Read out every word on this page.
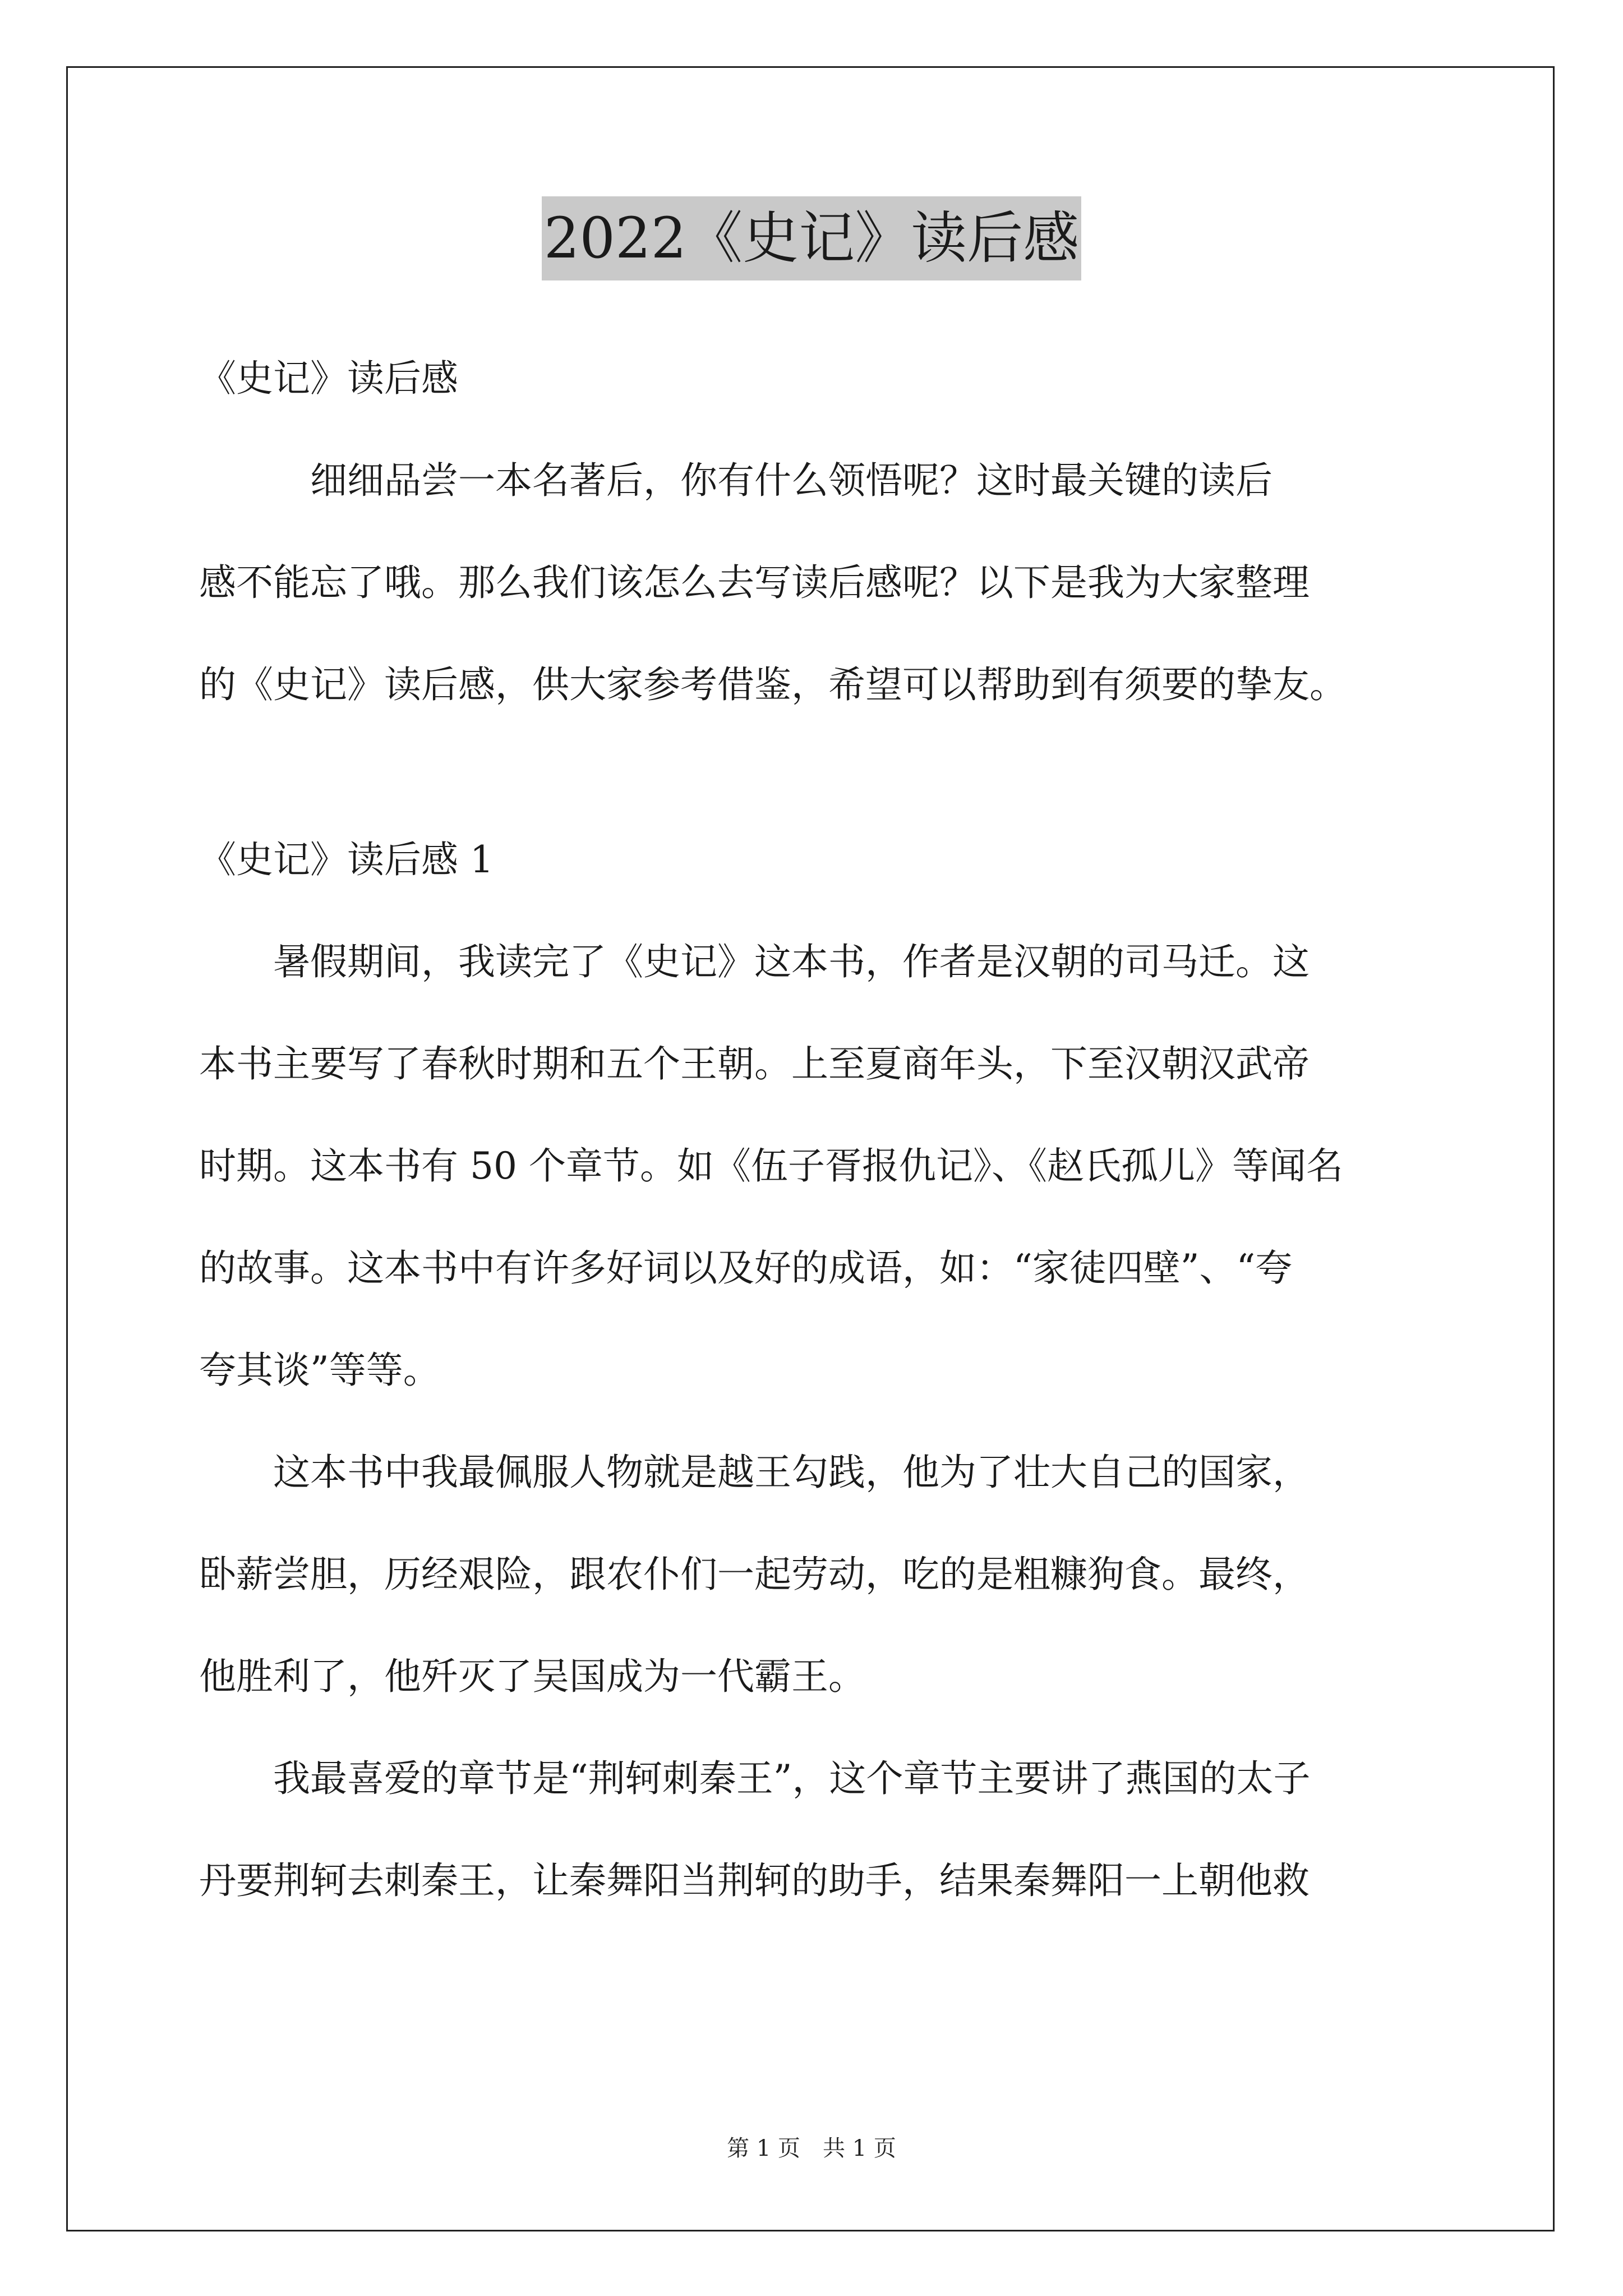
2022《史记》读后感
《史记》读后感
　　　细细品尝一本名著后，你有什么领悟呢？这时最关键的读后
感不能忘了哦。那么我们该怎么去写读后感呢？以下是我为大家整理
的《史记》读后感，供大家参考借鉴，希望可以帮助到有须要的挚友。
《史记》读后感 1
　　暑假期间，我读完了《史记》这本书，作者是汉朝的司马迁。这
本书主要写了春秋时期和五个王朝。上至夏商年头，下至汉朝汉武帝
时期。这本书有 50 个章节。如《伍子胥报仇记》、《赵氏孤儿》等闻名
的故事。这本书中有许多好词以及好的成语，如：“家徒四壁”、“夸
夸其谈”等等。
　　这本书中我最佩服人物就是越王勾践，他为了壮大自己的国家，
卧薪尝胆，历经艰险，跟农仆们一起劳动，吃的是粗糠狗食。最终，
他胜利了，他歼灭了吴国成为一代霸王。
　　我最喜爱的章节是“荆轲刺秦王”，这个章节主要讲了燕国的太子
丹要荆轲去刺秦王，让秦舞阳当荆轲的助手，结果秦舞阳一上朝他救
第 1 页　共 1 页
